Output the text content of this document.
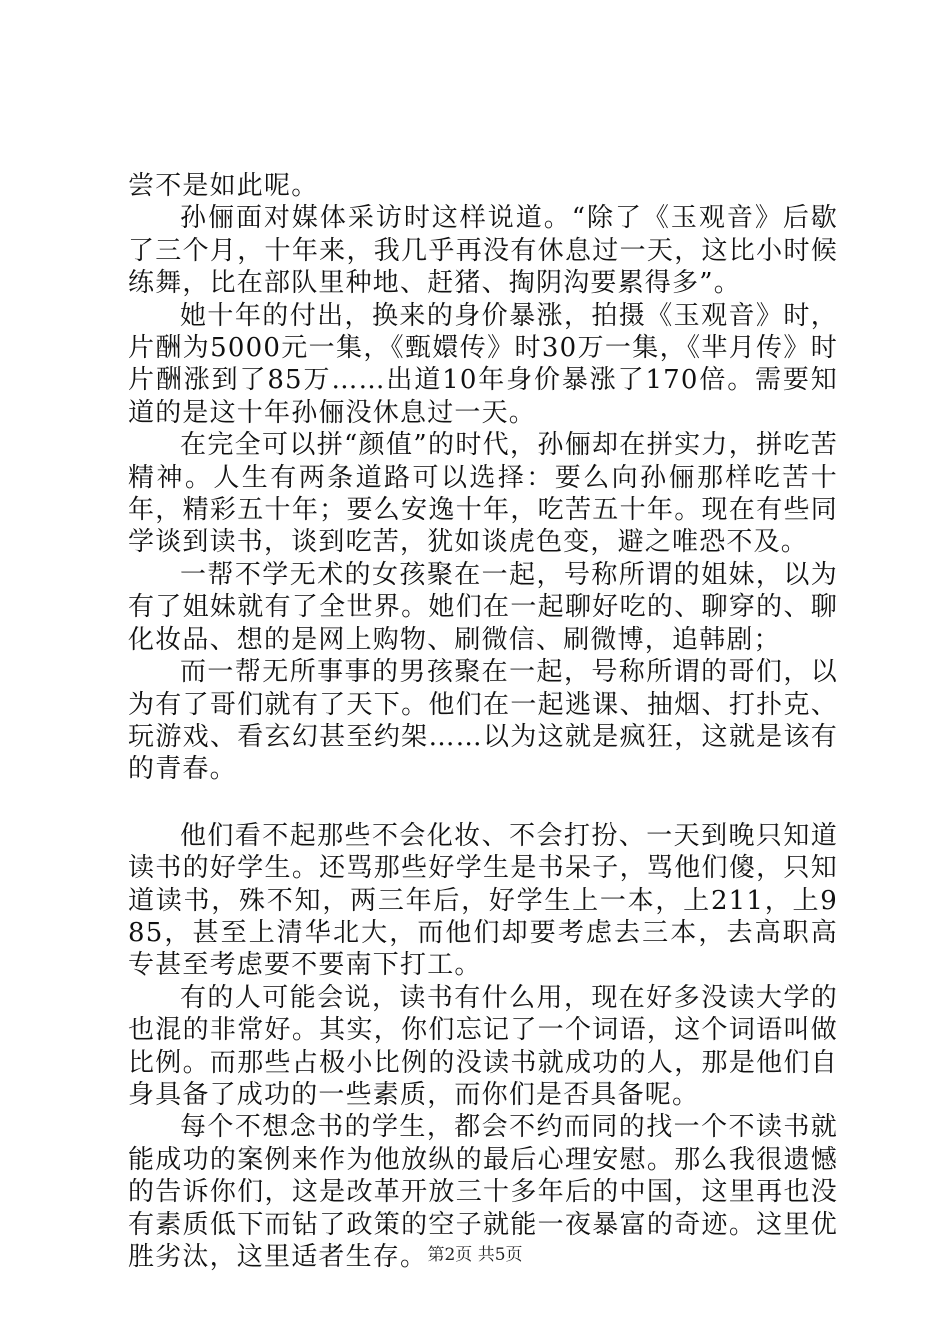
尝不是如此呢。

孙俪面对媒体采访时这样说道。“除了《玉观音》后歇了三个月，十年来，我几乎再没有休息过一天，这比小时候练舞，比在部队里种地、赶猪、掏阴沟要累得多”。

她十年的付出，换来的身价暴涨，拍摄《玉观音》时，片酬为5000元一集，《甄嬛传》时30万一集，《芈月传》时片酬涨到了85万……出道10年身价暴涨了170倍。需要知道的是这十年孙俪没休息过一天。

在完全可以拼“颜值”的时代，孙俪却在拼实力，拼吃苦精神。人生有两条道路可以选择：要么向孙俪那样吃苦十年，精彩五十年；要么安逸十年，吃苦五十年。现在有些同学谈到读书，谈到吃苦，犹如谈虎色变，避之唯恐不及。

一帮不学无术的女孩聚在一起，号称所谓的姐妹，以为有了姐妹就有了全世界。她们在一起聊好吃的、聊穿的、聊化妆品、想的是网上购物、刷微信、刷微博，追韩剧；

而一帮无所事事的男孩聚在一起，号称所谓的哥们，以为有了哥们就有了天下。他们在一起逃课、抽烟、打扑克、玩游戏、看玄幻甚至约架……以为这就是疯狂，这就是该有的青春。

他们看不起那些不会化妆、不会打扮、一天到晚只知道读书的好学生。还骂那些好学生是书呆子，骂他们傻，只知道读书，殊不知，两三年后，好学生上一本，上211，上985，甚至上清华北大，而他们却要考虑去三本，去高职高专甚至考虑要不要南下打工。

有的人可能会说，读书有什么用，现在好多没读大学的也混的非常好。其实，你们忘记了一个词语，这个词语叫做比例。而那些占极小比例的没读书就成功的人，那是他们自身具备了成功的一些素质，而你们是否具备呢。

每个不想念书的学生，都会不约而同的找一个不读书就能成功的案例来作为他放纵的最后心理安慰。那么我很遗憾的告诉你们，这是改革开放三十多年后的中国，这里再也没有素质低下而钻了政策的空子就能一夜暴富的奇迹。这里优胜劣汰，这里适者生存。 第2页 共5页
